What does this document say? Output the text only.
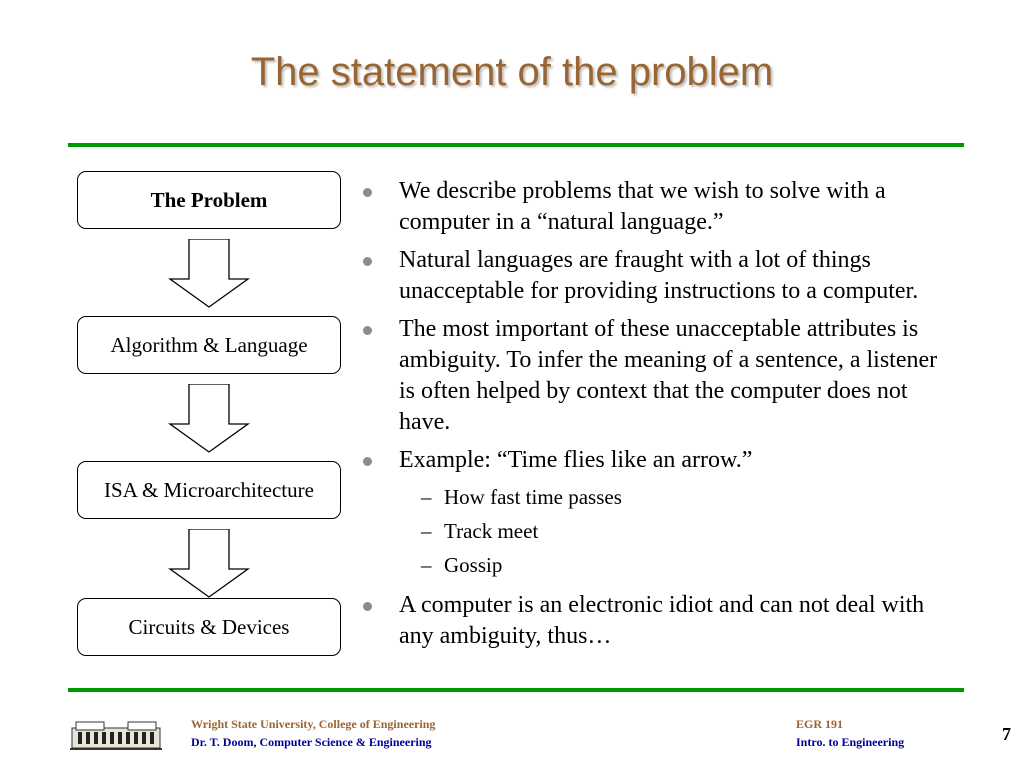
The statement of the problem
The Problem
Algorithm & Language
ISA & Microarchitecture
Circuits & Devices
We describe problems that we wish to solve with a computer in a “natural language.”
Natural languages are fraught with a lot of things unacceptable for providing instructions to a computer.
The most important of these unacceptable attributes is ambiguity. To infer the meaning of a sentence, a listener is often helped by context that the computer does not have.
Example: “Time flies like an arrow.”
– How fast time passes
– Track meet
– Gossip
A computer is an electronic idiot and can not deal with any ambiguity, thus…
Wright State University, College of Engineering
Dr. T. Doom, Computer Science & Engineering
EGR 191
Intro. to Engineering	7
